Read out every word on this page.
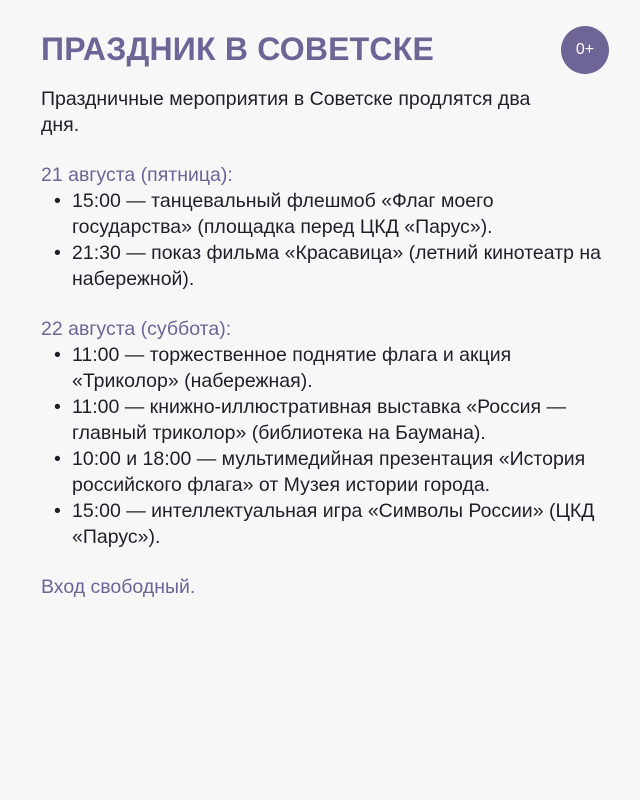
ПРАЗДНИК В СОВЕТСКЕ	0+

Праздничные мероприятия в Советске продлятся два дня.

21 августа (пятница):

• 15:00 — танцевальный флешмоб «Флаг моего государства» (площадка перед ЦКД «Парус»).
• 21:30 — показ фильма «Красавица» (летний кинотеатр на набережной).

22 августа (суббота):

• 11:00 — торжественное поднятие флага и акция «Триколор» (набережная).
• 11:00 — книжно-иллюстративная выставка «Россия — главный триколор» (библиотека на Баумана).
• 10:00 и 18:00 — мультимедийная презентация «История российского флага» от Музея истории города.
• 15:00 — интеллектуальная игра «Символы России» (ЦКД «Парус»).

Вход свободный.
